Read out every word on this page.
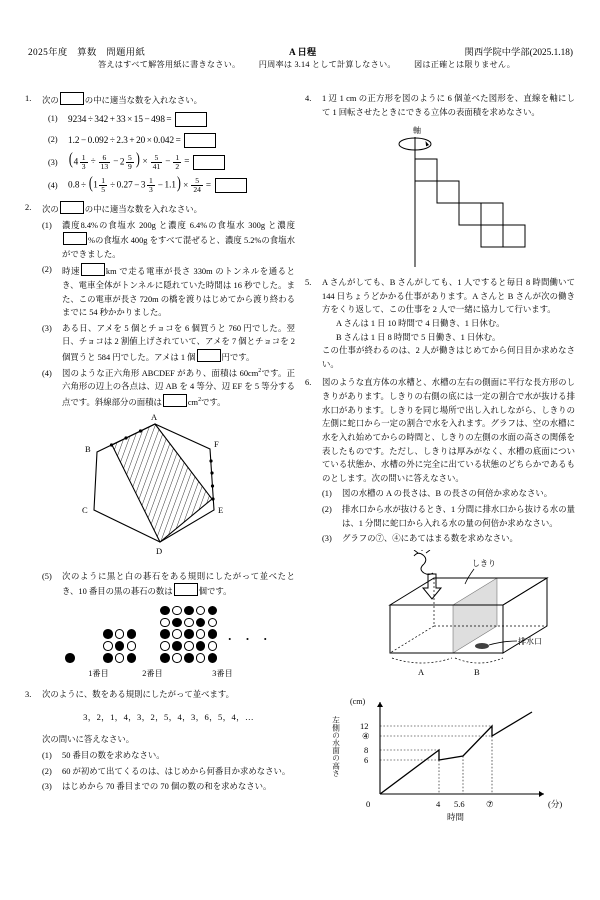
2025年度　算数　問題用紙	A 日程	関西学院中学部(2025.1.18)
答えはすべて解答用紙に書きなさい。 円周率は 3.14 として計算しなさい。 図は正確とは限りません。
1.	次の	の中に適当な数を入れなさい。
(1)	9234 ÷ 342 + 33 × 15 − 498 =
(2)	1.2 − 0.092 ÷ 2.3 + 20 × 0.042 =
(3) ($4 \frac{1}{3} \div \frac{6}{13} - 2 \frac{5}{9}$ ) × $\frac{5}{41} - \frac{1}{2}$ =
(4)	$0.8 \div (1 \frac{1}{5} \div 0.27 - 3 \frac{1}{3} - 1.1) \times \frac{5}{24}$ =
2.	次の	の中に適当な数を入れなさい。
(1)	濃度8.4%の食塩水 200g と濃度 6.4%の食塩水 300g と濃度%の食塩水 400g をすべて混ぜると、濃度 5.2%の食塩水ができました。
(2)	時速	km で走る電車が長さ 330m のトンネルを通るとき、電車全体がトンネルに隠れていた時間は 16 秒でした。また、この電車が長さ 720m の橋を渡りはじめてから渡り終わるまでに 54 秒かかりました。
(3)	ある日、アメを 5 個とチョコを 6 個買うと 760 円でした。翌日、チョコは 2 割値上げされていて、アメを 7 個とチョコを 2 個買うと 584 円でした。アメは 1 個	円です。
(4)	図のような正六角形 ABCDEF があり、面積は $60cm^2$です。正六角形の辺上の各点は、辺 AB を 4 等分、辺 EF を 5 等分する点です。斜線部分の面積は	$cm^2$です。
A
B
C
D
E
F
(5)	次のように黒と白の碁石をある規則にしたがって並べたとき、10 番目の黒の碁石の数は	個です。
・ ・ ・
1番目	2番目	3番目
3.	次のように、数をある規則にしたがって並べます。
3，2，1，4，3，2，5，4，3，6，5，4，…
次の問いに答えなさい。
(1)	50 番目の数を求めなさい。
(2)	60 が初めて出てくるのは、はじめから何番目か求めなさい。
(3)	はじめから 70 番目までの 70 個の数の和を求めなさい。
4.	1 辺 1 cm の正方形を図のように 6 個並べた図形を、直線を軸にして 1 回転させたときにできる立体の表面積を求めなさい。
軸
5.	A さんがしても、B さんがしても、1 人ですると毎日 8 時間働いて 144 日ちょうどかかる仕事があります。A さんと B さんが次の働き方をくり返して、この仕事を 2 人で一緒に協力して行います。
A さんは 1 日 10 時間で 4 日働き、1 日休む。
B さんは 1 日 8 時間で 5 日働き、1 日休む。
この仕事が終わるのは、2 人が働きはじめてから何日目か求めなさい。
6.	図のような直方体の水槽と、水槽の左右の側面に平行な長方形のしきりがあります。しきりの右側の底には一定の割合で水が抜ける排水口があります。しきりを同じ場所で出し入れしながら、しきりの左側に蛇口から一定の割合で水を入れます。グラフは、空の水槽に水を入れ始めてからの時間と、しきりの左側の水面の高さの関係を表したものです。ただし、しきりは厚みがなく、水槽の底面についている状態か、水槽の外に完全に出ている状態のどちらかであるものとします。次の問いに答えなさい。
(1)	図の水槽の A の長さは、B の長さの何倍か求めなさい。
(2)	排水口から水が抜けるとき、1 分間に排水口から抜ける水の量は、1 分間に蛇口から入れる水の量の何倍か求めなさい。
(3)	グラフの⑦、④にあてはまる数を求めなさい。
しきり
排水口
A	B
(cm)
左側の水面の高さ	6
8
④
12
0	4 5.6	⑦	(分)
時間
